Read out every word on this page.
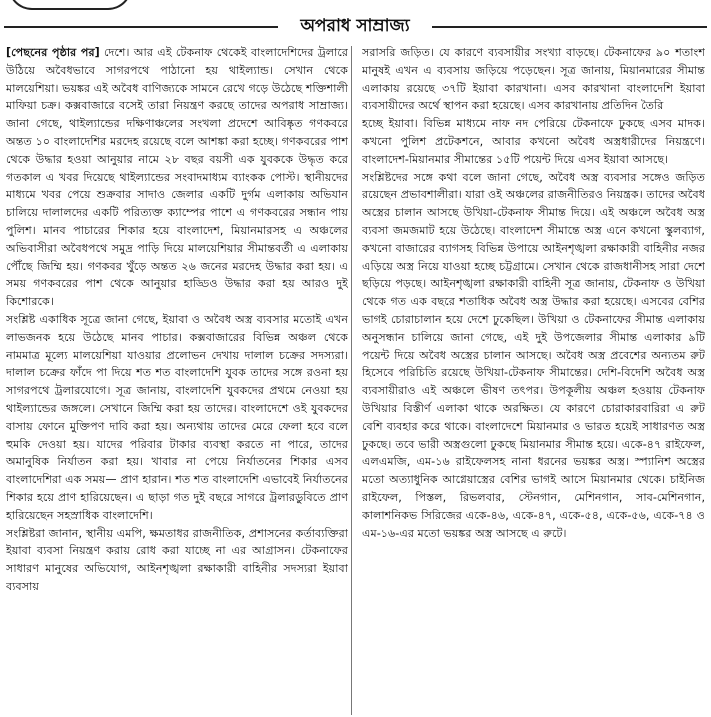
অপরাধ সাম্রাজ্য

[পেছনের পৃষ্ঠার পর] দেশে। আর এই টেকনাফ থেকেই বাংলাদেশিদের ট্রলারে উঠিয়ে অবৈধভাবে সাগরপথে পাঠানো হয় থাইল্যান্ড। সেখান থেকে মালয়েশিয়া। ভয়ঙ্কর এই অবৈধ বাণিজ্যকে সামনে রেখে গড়ে উঠেছে শক্তিশালী মাফিয়া চক্র। কক্সবাজারে বসেই তারা নিয়ন্ত্রণ করছে তাদের অপরাধ সাম্রাজ্য। জানা গেছে, থাইল্যান্ডের দক্ষিণাঞ্চলের সংখলা প্রদেশে আবিষ্কৃত গণকবরে অন্তত ১০ বাংলাদেশির মরদেহ রয়েছে বলে আশঙ্কা করা হচ্ছে। গণকবরের পাশ থেকে উদ্ধার হওয়া আনুয়ার নামে ২৮ বছর বয়সী এক যুবককে উদ্ধৃত করে গতকাল এ খবর দিয়েছে থাইল্যান্ডের সংবাদমাধ্যম ব্যাংকক পোস্ট। স্থানীয়দের মাধ্যমে খবর পেয়ে শুক্রবার সাদাও জেলার একটি দুর্গম এলাকায় অভিযান চালিয়ে দালালদের একটি পরিত্যক্ত ক্যাম্পের পাশে এ গণকবরের সন্ধান পায় পুলিশ। মানব পাচারের শিকার হয়ে বাংলাদেশ, মিয়ানমারসহ এ অঞ্চলের অভিবাসীরা অবৈধপথে সমুদ্র পাড়ি দিয়ে মালয়েশিয়ার সীমান্তবর্তী এ এলাকায় পৌঁছে জিম্মি হয়। গণকবর খুঁড়ে অন্তত ২৬ জনের মরদেহ উদ্ধার করা হয়। এ সময় গণকবরের পাশ থেকে আনুয়ার হাড্ডিও উদ্ধার করা হয় আরও দুই কিশোরকে।

সংশ্লিষ্ট একাধিক সূত্রে জানা গেছে, ইয়াবা ও অবৈধ অস্ত্র ব্যবসার মতোই এখন লাভজনক হয়ে উঠেছে মানব পাচার। কক্সবাজারের বিভিন্ন অঞ্চল থেকে নামমাত্র মূল্যে মালয়েশিয়া যাওয়ার প্রলোভন দেখায় দালাল চক্রের সদস্যরা। দালাল চক্রের ফাঁদে পা দিয়ে শত শত বাংলাদেশি যুবক তাদের সঙ্গে রওনা হয় সাগরপথে ট্রলারযোগে। সূত্র জানায়, বাংলাদেশি যুবকদের প্রথমে নেওয়া হয় থাইল্যান্ডের জঙ্গলে। সেখানে জিম্মি করা হয় তাদের। বাংলাদেশে ওই যুবকদের বাসায় ফোনে মুক্তিপণ দাবি করা হয়। অন্যথায় তাদের মেরে ফেলা হবে বলে হুমকি দেওয়া হয়। যাদের পরিবার টাকার ব্যবস্থা করতে না পারে, তাদের অমানুষিক নির্যাতন করা হয়। খাবার না পেয়ে নির্যাতনের শিকার এসব বাংলাদেশিরা এক সময়— প্রাণ হারান। শত শত বাংলাদেশি এভাবেই নির্যাতনের শিকার হয়ে প্রাণ হারিয়েছেন। এ ছাড়া গত দুই বছরে সাগরে ট্রলারডুবিতে প্রাণ হারিয়েছেন সহস্রাধিক বাংলাদেশি।

সংশ্লিষ্টরা জানান, স্থানীয় এমপি, ক্ষমতাধর রাজনীতিক, প্রশাসনের কর্তাব্যক্তিরা ইয়াবা ব্যবসা নিয়ন্ত্রণ করায় রোধ করা যাচ্ছে না এর আগ্রাসন। টেকনাফের সাধারণ মানুষের অভিযোগ, আইনশৃঙ্খলা রক্ষাকারী বাহিনীর সদস্যরা ইয়াবা ব্যবসায়

সরাসরি জড়িত। যে কারণে ব্যবসায়ীর সংখ্যা বাড়ছে। টেকনাফের ৯০ শতাংশ মানুষই এখন এ ব্যবসায় জড়িয়ে পড়েছেন। সূত্র জানায়, মিয়ানমারের সীমান্ত এলাকায় রয়েছে ৩৭টি ইয়াবা কারখানা। এসব কারখানা বাংলাদেশি ইয়াবা ব্যবসায়ীদের অর্থে স্থাপন করা হয়েছে। এসব কারখানায় প্রতিদিন তৈরি

হচ্ছে ইয়াবা। বিভিন্ন মাধ্যমে নাফ নদ পেরিয়ে টেকনাফে ঢুকছে এসব মাদক। কখনো পুলিশ প্রটেকশনে, আবার কখনো অবৈধ অস্ত্রধারীদের নিয়ন্ত্রণে। বাংলাদেশ-মিয়ানমার সীমান্তের ১৫টি পয়েন্ট দিয়ে এসব ইয়াবা আসছে।

সংশ্লিষ্টদের সঙ্গে কথা বলে জানা গেছে, অবৈধ অস্ত্র ব্যবসার সঙ্গেও জড়িত রয়েছেন প্রভাবশালীরা। যারা ওই অঞ্চলের রাজনীতিরও নিয়ন্ত্রক। তাদের অবৈধ অস্ত্রের চালান আসছে উখিয়া-টেকনাফ সীমান্ত দিয়ে। এই অঞ্চলে অবৈধ অস্ত্র ব্যবসা জমজমাট হয়ে উঠেছে। বাংলাদেশ সীমান্তে অস্ত্র এনে কখনো স্কুলব্যাগ, কখনো বাজারের ব্যাগসহ বিভিন্ন উপায়ে আইনশৃঙ্খলা রক্ষাকারী বাহিনীর নজর এড়িয়ে অস্ত্র নিয়ে যাওয়া হচ্ছে চট্টগ্রামে। সেখান থেকে রাজধানীসহ সারা দেশে ছড়িয়ে পড়ছে। আইনশৃঙ্খলা রক্ষাকারী বাহিনী সূত্র জানায়, টেকনাফ ও উখিয়া থেকে গত এক বছরে শতাধিক অবৈধ অস্ত্র উদ্ধার করা হয়েছে। এসবের বেশির ভাগই চোরাচালান হয়ে দেশে ঢুকেছিল। উখিয়া ও টেকনাফের সীমান্ত এলাকায় অনুসন্ধান চালিয়ে জানা গেছে, এই দুই উপজেলার সীমান্ত এলাকার ৯টি পয়েন্ট দিয়ে অবৈধ অস্ত্রের চালান আসছে। অবৈধ অস্ত্র প্রবেশের অন্যতম রুট হিসেবে পরিচিতি রয়েছে উখিয়া-টেকনাফ সীমান্তের। দেশি-বিদেশি অবৈধ অস্ত্র ব্যবসায়ীরাও এই অঞ্চলে ভীষণ তৎপর। উপকূলীয় অঞ্চল হওয়ায় টেকনাফ উখিয়ার বিস্তীর্ণ এলাকা থাকে অরক্ষিত। যে কারণে চোরাকারবারিরা এ রুট বেশি ব্যবহার করে থাকে। বাংলাদেশে মিয়ানমার ও ভারত হয়েই সাধারণত অস্ত্র ঢুকছে। তবে ভারী অস্ত্রগুলো ঢুকছে মিয়ানমার সীমান্ত হয়ে। একে-৪৭ রাইফেল, এলএমজি, এম-১৬ রাইফেলসহ নানা ধরনের ভয়ঙ্কর অস্ত্র। স্প্যানিশ অস্ত্রের মতো অত্যাধুনিক আগ্নেয়াস্ত্রের বেশির ভাগই আসে মিয়ানমার থেকে। চাইনিজ রাইফেল, পিস্তল, রিভলবার, স্টেনগান, মেশিনগান, সাব-মেশিনগান, কালাশনিকভ সিরিজের একে-৪৬, একে-৪৭, একে-৫৪, একে-৫৬, একে-৭৪ ও এম-১৬-এর মতো ভয়ঙ্কর অস্ত্র আসছে এ রুটে।
